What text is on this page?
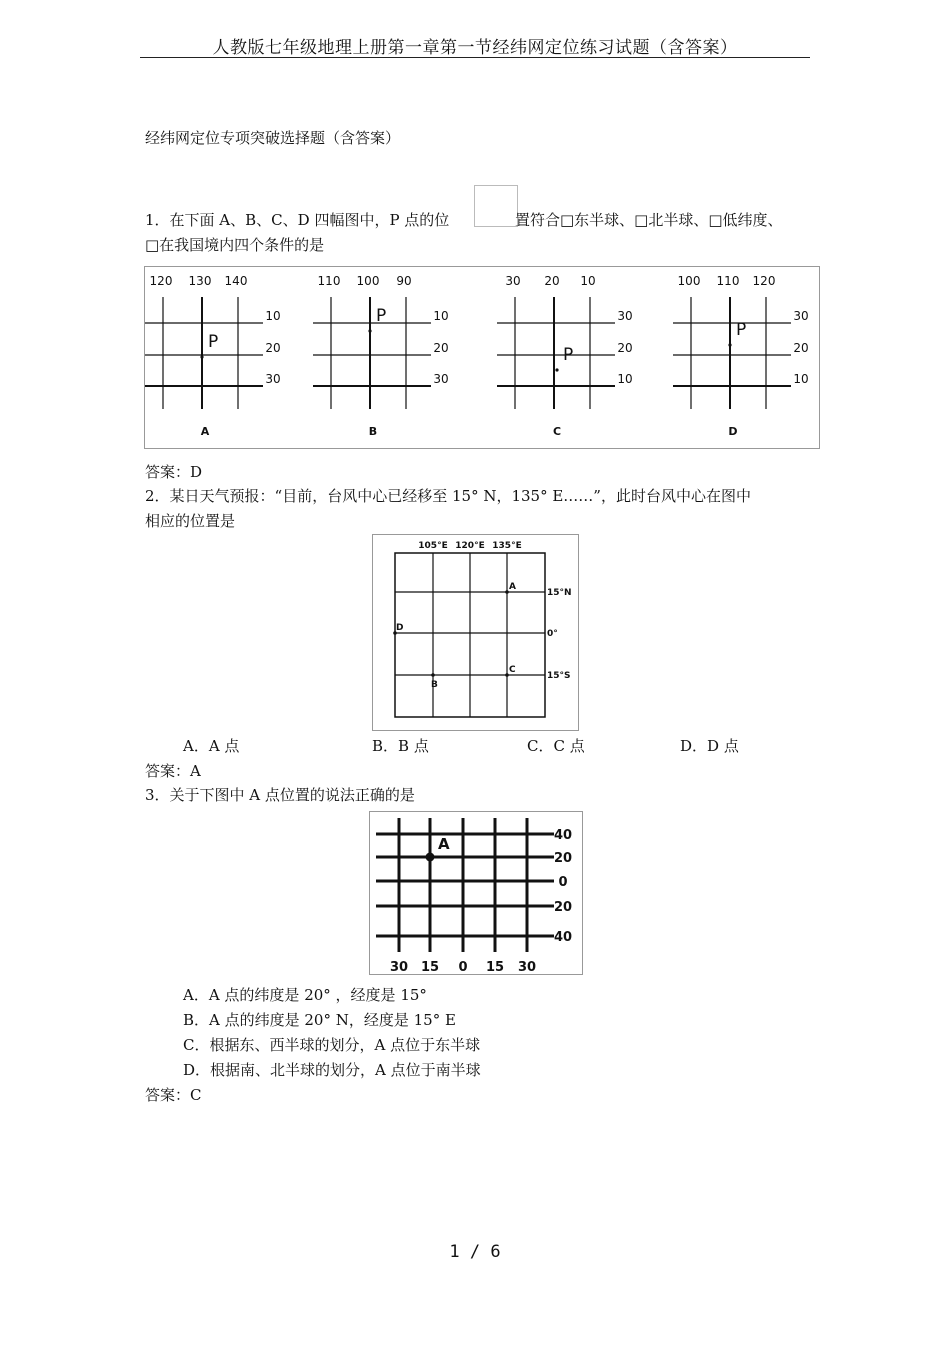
人教版七年级地理上册第一章第一节经纬网定位练习试题（含答案）
经纬网定位专项突破选择题（含答案）
1．在下面 A、B、C、D 四幅图中，P 点的位	置符合□东半球、□北半球、□低纬度、
□在我国境内四个条件的是
120 130 140
10
20
30
A
P
110 100 90
10
20
30
B
P
30 20 10
30
20
10
C
P
100 110 120
30
20
10
D
P
答案：D
2．某日天气预报：“目前，台风中心已经移至 15° N，135° E……”，此时台风中心在图中
相应的位置是
105°E 120°E 135°E
15°N
0°
15°S
A
D
C
B
A．A 点	B．B 点	C．C 点	D．D 点
答案：A
3．关于下图中 A 点位置的说法正确的是
40
20
0
20
40
30 15 0 15 30
A
A．A 点的纬度是 20° ，经度是 15°
B．A 点的纬度是 20° N，经度是 15° E
C．根据东、西半球的划分，A 点位于东半球
D．根据南、北半球的划分，A 点位于南半球
答案：C
1 / 6
